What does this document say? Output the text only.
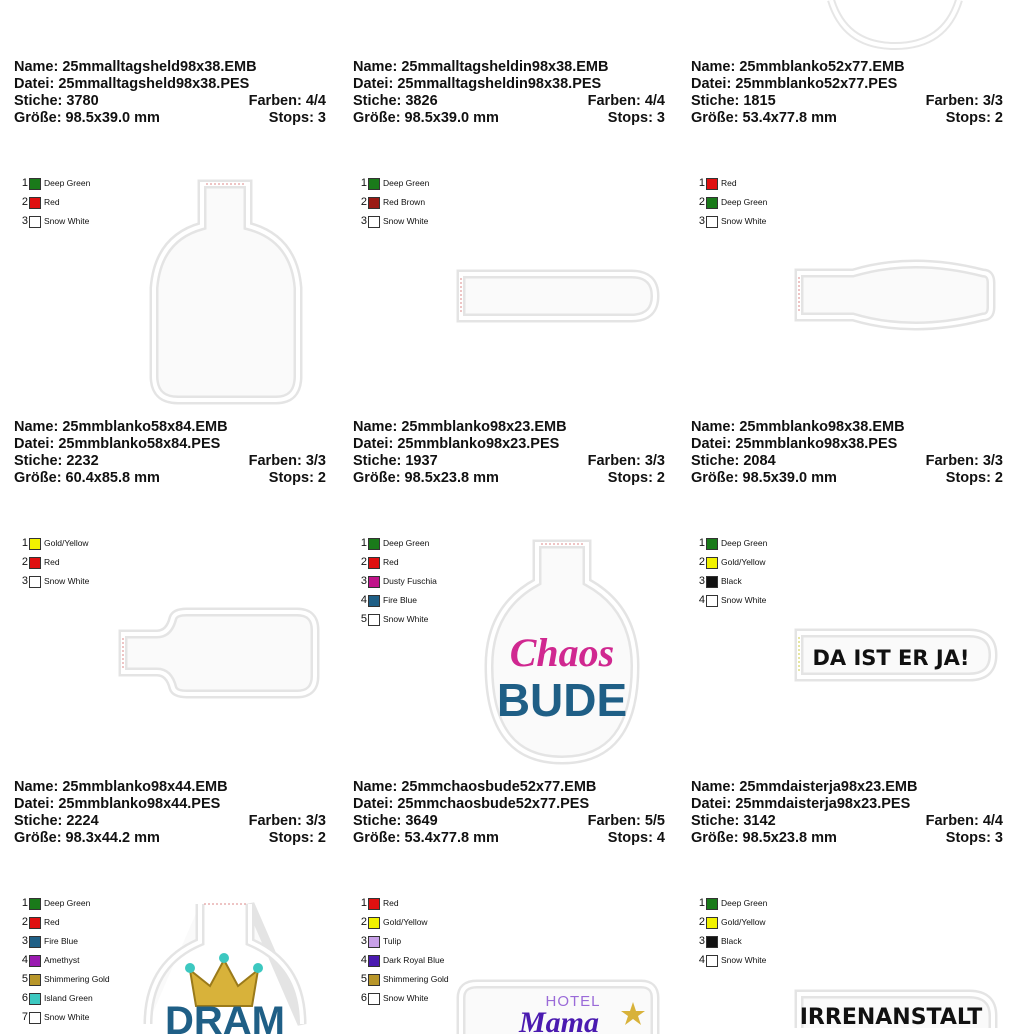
Name: 25mmalltagsheld98x38.EMB
Datei: 25mmalltagsheld98x38.PES
Stiche: 3780	Farben: 4/4
Größe: 98.5x39.0 mm	Stops: 3
Name: 25mmalltagsheldin98x38.EMB
Datei: 25mmalltagsheldin98x38.PES
Stiche: 3826	Farben: 4/4
Größe: 98.5x39.0 mm	Stops: 3
Name: 25mmblanko52x77.EMB
Datei: 25mmblanko52x77.PES
Stiche: 1815	Farben: 3/3
Größe: 53.4x77.8 mm	Stops: 2
1 Deep Green
2 Red
3 Snow White
1 Deep Green
2 Red Brown
3 Snow White
1 Red
2 Deep Green
3 Snow White
Name: 25mmblanko58x84.EMB
Datei: 25mmblanko58x84.PES
Stiche: 2232	Farben: 3/3
Größe: 60.4x85.8 mm	Stops: 2
Name: 25mmblanko98x23.EMB
Datei: 25mmblanko98x23.PES
Stiche: 1937	Farben: 3/3
Größe: 98.5x23.8 mm	Stops: 2
Name: 25mmblanko98x38.EMB
Datei: 25mmblanko98x38.PES
Stiche: 2084	Farben: 3/3
Größe: 98.5x39.0 mm	Stops: 2
1 Gold/Yellow
2 Red
3 Snow White
1 Deep Green
2 Red
3 Dusty Fuschia
4 Fire Blue
5 Snow White
1 Deep Green
2 Gold/Yellow
3 Black
4 Snow White
Chaos
BUDE
DA IST ER JA!
Name: 25mmblanko98x44.EMB
Datei: 25mmblanko98x44.PES
Stiche: 2224	Farben: 3/3
Größe: 98.3x44.2 mm	Stops: 2
Name: 25mmchaosbude52x77.EMB
Datei: 25mmchaosbude52x77.PES
Stiche: 3649	Farben: 5/5
Größe: 53.4x77.8 mm	Stops: 4
Name: 25mmdaisterja98x23.EMB
Datei: 25mmdaisterja98x23.PES
Stiche: 3142	Farben: 4/4
Größe: 98.5x23.8 mm	Stops: 3
1 Deep Green
2 Red
3 Fire Blue
4 Amethyst
5 Shimmering Gold
6 Island Green
7 Snow White
1 Red
2 Gold/Yellow
3 Tulip
4 Dark Royal Blue
5 Shimmering Gold
6 Snow White
1 Deep Green
2 Gold/Yellow
3 Black
4 Snow White
DRAM	HOTEL
Mama	IRRENANSTALT
